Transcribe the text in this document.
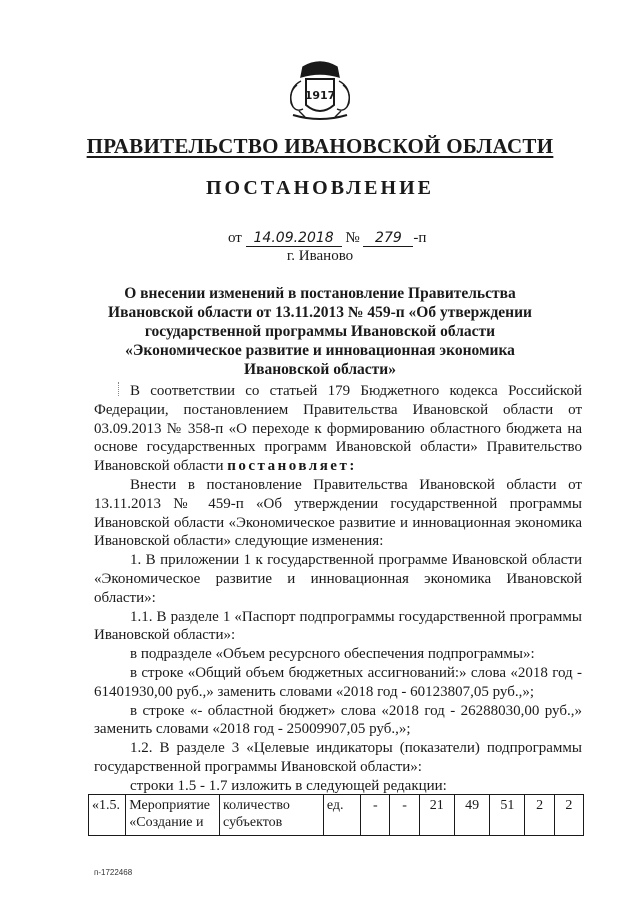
1917
ПРАВИТЕЛЬСТВО ИВАНОВСКОЙ ОБЛАСТИ
ПОСТАНОВЛЕНИЕ
от 14.09.2018 № 279 -п
г. Иваново
О внесении изменений в постановление Правительства Ивановской области от 13.11.2013 № 459-п «Об утверждении государственной программы Ивановской области «Экономическое развитие и инновационная экономика Ивановской области»

В соответствии со статьей 179 Бюджетного кодекса Российской Федерации, постановлением Правительства Ивановской области от 03.09.2013 № 358-п «О переходе к формированию областного бюджета на основе государственных программ Ивановской области» Правительство Ивановской области постановляет:

Внести в постановление Правительства Ивановской области от 13.11.2013 № 459-п «Об утверждении государственной программы Ивановской области «Экономическое развитие и инновационная экономика Ивановской области» следующие изменения:

1. В приложении 1 к государственной программе Ивановской области «Экономическое развитие и инновационная экономика Ивановской области»:

1.1. В разделе 1 «Паспорт подпрограммы государственной программы Ивановской области»:

в подразделе «Объем ресурсного обеспечения подпрограммы»:

в строке «Общий объем бюджетных ассигнований:» слова «2018 год - 61401930,00 руб.,» заменить словами «2018 год - 60123807,05 руб.,»;

в строке «- областной бюджет» слова «2018 год - 26288030,00 руб.,» заменить словами «2018 год - 25009907,05 руб.,»;

1.2. В разделе 3 «Целевые индикаторы (показатели) подпрограммы государственной программы Ивановской области»:

строки 1.5 - 1.7 изложить в следующей редакции:

«1.5.	Мероприятие «Создание и	количество субъектов	ед.	-	-	21	49	51	2	2
п-1722468
